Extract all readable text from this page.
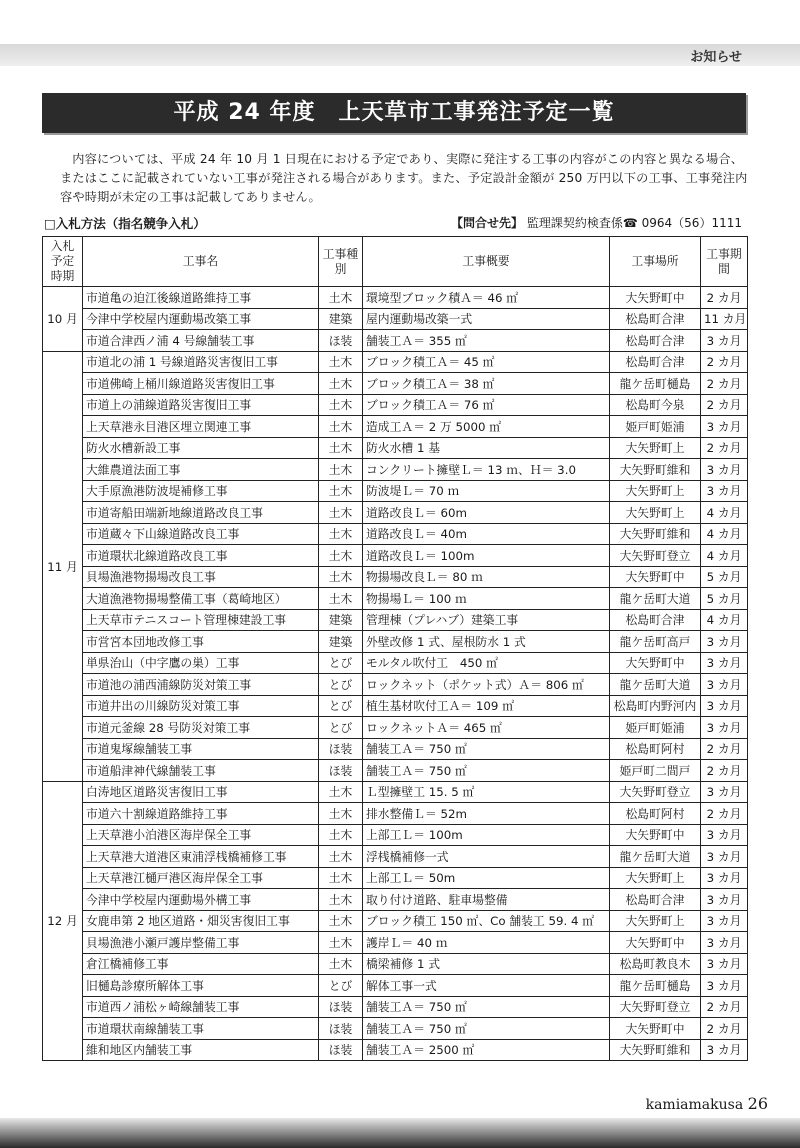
お知らせ
平成 24 年度　上天草市工事発注予定一覧

内容については、平成 24 年 10 月 1 日現在における予定であり、実際に発注する工事の内容がこの内容と異なる場合、またはここに記載されていない工事が発注される場合があります。また、予定設計金額が 250 万円以下の工事、工事発注内容や時期が未定の工事は記載してありません。

□入札方法（指名競争入札）	【問合せ先】 監理課契約検査係☎ 0964（56）1111
入札予定時期	工事名	工事種別	工事概要	工事場所	工事期間
10 月	市道亀の迫江後線道路維持工事	土木	環境型ブロック積Ａ＝ 46 ㎡	大矢野町中	2 カ月
	今津中学校屋内運動場改築工事	建築	屋内運動場改築一式	松島町合津	11 カ月
	市道合津西ノ浦 4 号線舗装工事	ほ装	舗装工Ａ＝ 355 ㎡	松島町合津	3 カ月
11 月	市道北の浦 1 号線道路災害復旧工事	土木	ブロック積工Ａ＝ 45 ㎡	松島町合津	2 カ月
	市道佛崎上桶川線道路災害復旧工事	土木	ブロック積工Ａ＝ 38 ㎡	龍ケ岳町樋島	2 カ月
	市道上の浦線道路災害復旧工事	土木	ブロック積工Ａ＝ 76 ㎡	松島町今泉	2 カ月
	上天草港永目港区埋立関連工事	土木	造成工Ａ＝ 2 万 5000 ㎡	姫戸町姫浦	3 カ月
	防火水槽新設工事	土木	防火水槽 1 基	大矢野町上	2 カ月
	大維農道法面工事	土木	コンクリート擁壁Ｌ＝ 13 ｍ、Ｈ＝ 3.0	大矢野町維和	3 カ月
	大手原漁港防波堤補修工事	土木	防波堤Ｌ＝ 70 ｍ	大矢野町上	3 カ月
	市道寄船田端新地線道路改良工事	土木	道路改良Ｌ＝ 60m	大矢野町上	4 カ月
	市道蔵々下山線道路改良工事	土木	道路改良Ｌ＝ 40m	大矢野町維和	4 カ月
	市道環状北線道路改良工事	土木	道路改良Ｌ＝ 100m	大矢野町登立	4 カ月
	貝場漁港物揚場改良工事	土木	物揚場改良Ｌ＝ 80 ｍ	大矢野町中	5 カ月
	大道漁港物揚場整備工事（葛崎地区）	土木	物揚場Ｌ＝ 100 ｍ	龍ケ岳町大道	5 カ月
	上天草市テニスコート管理棟建設工事	建築	管理棟（プレハブ）建築工事	松島町合津	4 カ月
	市営宮本団地改修工事	建築	外壁改修 1 式、屋根防水 1 式	龍ケ岳町高戸	3 カ月
	単県治山（中字鷹の巣）工事	とび	モルタル吹付工　450 ㎡	大矢野町中	3 カ月
	市道池の浦西浦線防災対策工事	とび	ロックネット（ポケット式）Ａ＝ 806 ㎡	龍ケ岳町大道	3 カ月
	市道井出の川線防災対策工事	とび	植生基材吹付工Ａ＝ 109 ㎡	松島町内野河内	3 カ月
	市道元釜線 28 号防災対策工事	とび	ロックネットＡ＝ 465 ㎡	姫戸町姫浦	3 カ月
	市道鬼塚線舗装工事	ほ装	舗装工Ａ＝ 750 ㎡	松島町阿村	2 カ月
	市道船津神代線舗装工事	ほ装	舗装工Ａ＝ 750 ㎡	姫戸町二間戸	2 カ月
12 月	白涛地区道路災害復旧工事	土木	Ｌ型擁壁工 15. 5 ㎡	大矢野町登立	3 カ月
	市道六十割線道路維持工事	土木	排水整備Ｌ＝ 52m	松島町阿村	2 カ月
	上天草港小泊港区海岸保全工事	土木	上部工Ｌ＝ 100m	大矢野町中	3 カ月
	上天草港大道港区東浦浮桟橋補修工事	土木	浮桟橋補修一式	龍ケ岳町大道	3 カ月
	上天草港江樋戸港区海岸保全工事	土木	上部工Ｌ＝ 50m	大矢野町上	3 カ月
	今津中学校屋内運動場外構工事	土木	取り付け道路、駐車場整備	松島町合津	3 カ月
	女鹿串第 2 地区道路・畑災害復旧工事	土木	ブロック積工 150 ㎡、Co 舗装工 59. 4 ㎡	大矢野町上	3 カ月
	貝場漁港小瀬戸護岸整備工事	土木	護岸Ｌ＝ 40 ｍ	大矢野町中	3 カ月
	倉江橋補修工事	土木	橋梁補修 1 式	松島町教良木	3 カ月
	旧樋島診療所解体工事	とび	解体工事一式	龍ケ岳町樋島	3 カ月
	市道西ノ浦松ヶ崎線舗装工事	ほ装	舗装工Ａ＝ 750 ㎡	大矢野町登立	2 カ月
	市道環状南線舗装工事	ほ装	舗装工Ａ＝ 750 ㎡	大矢野町中	2 カ月
	維和地区内舗装工事	ほ装	舗装工Ａ＝ 2500 ㎡	大矢野町維和	3 カ月
kamiamakusa 26
